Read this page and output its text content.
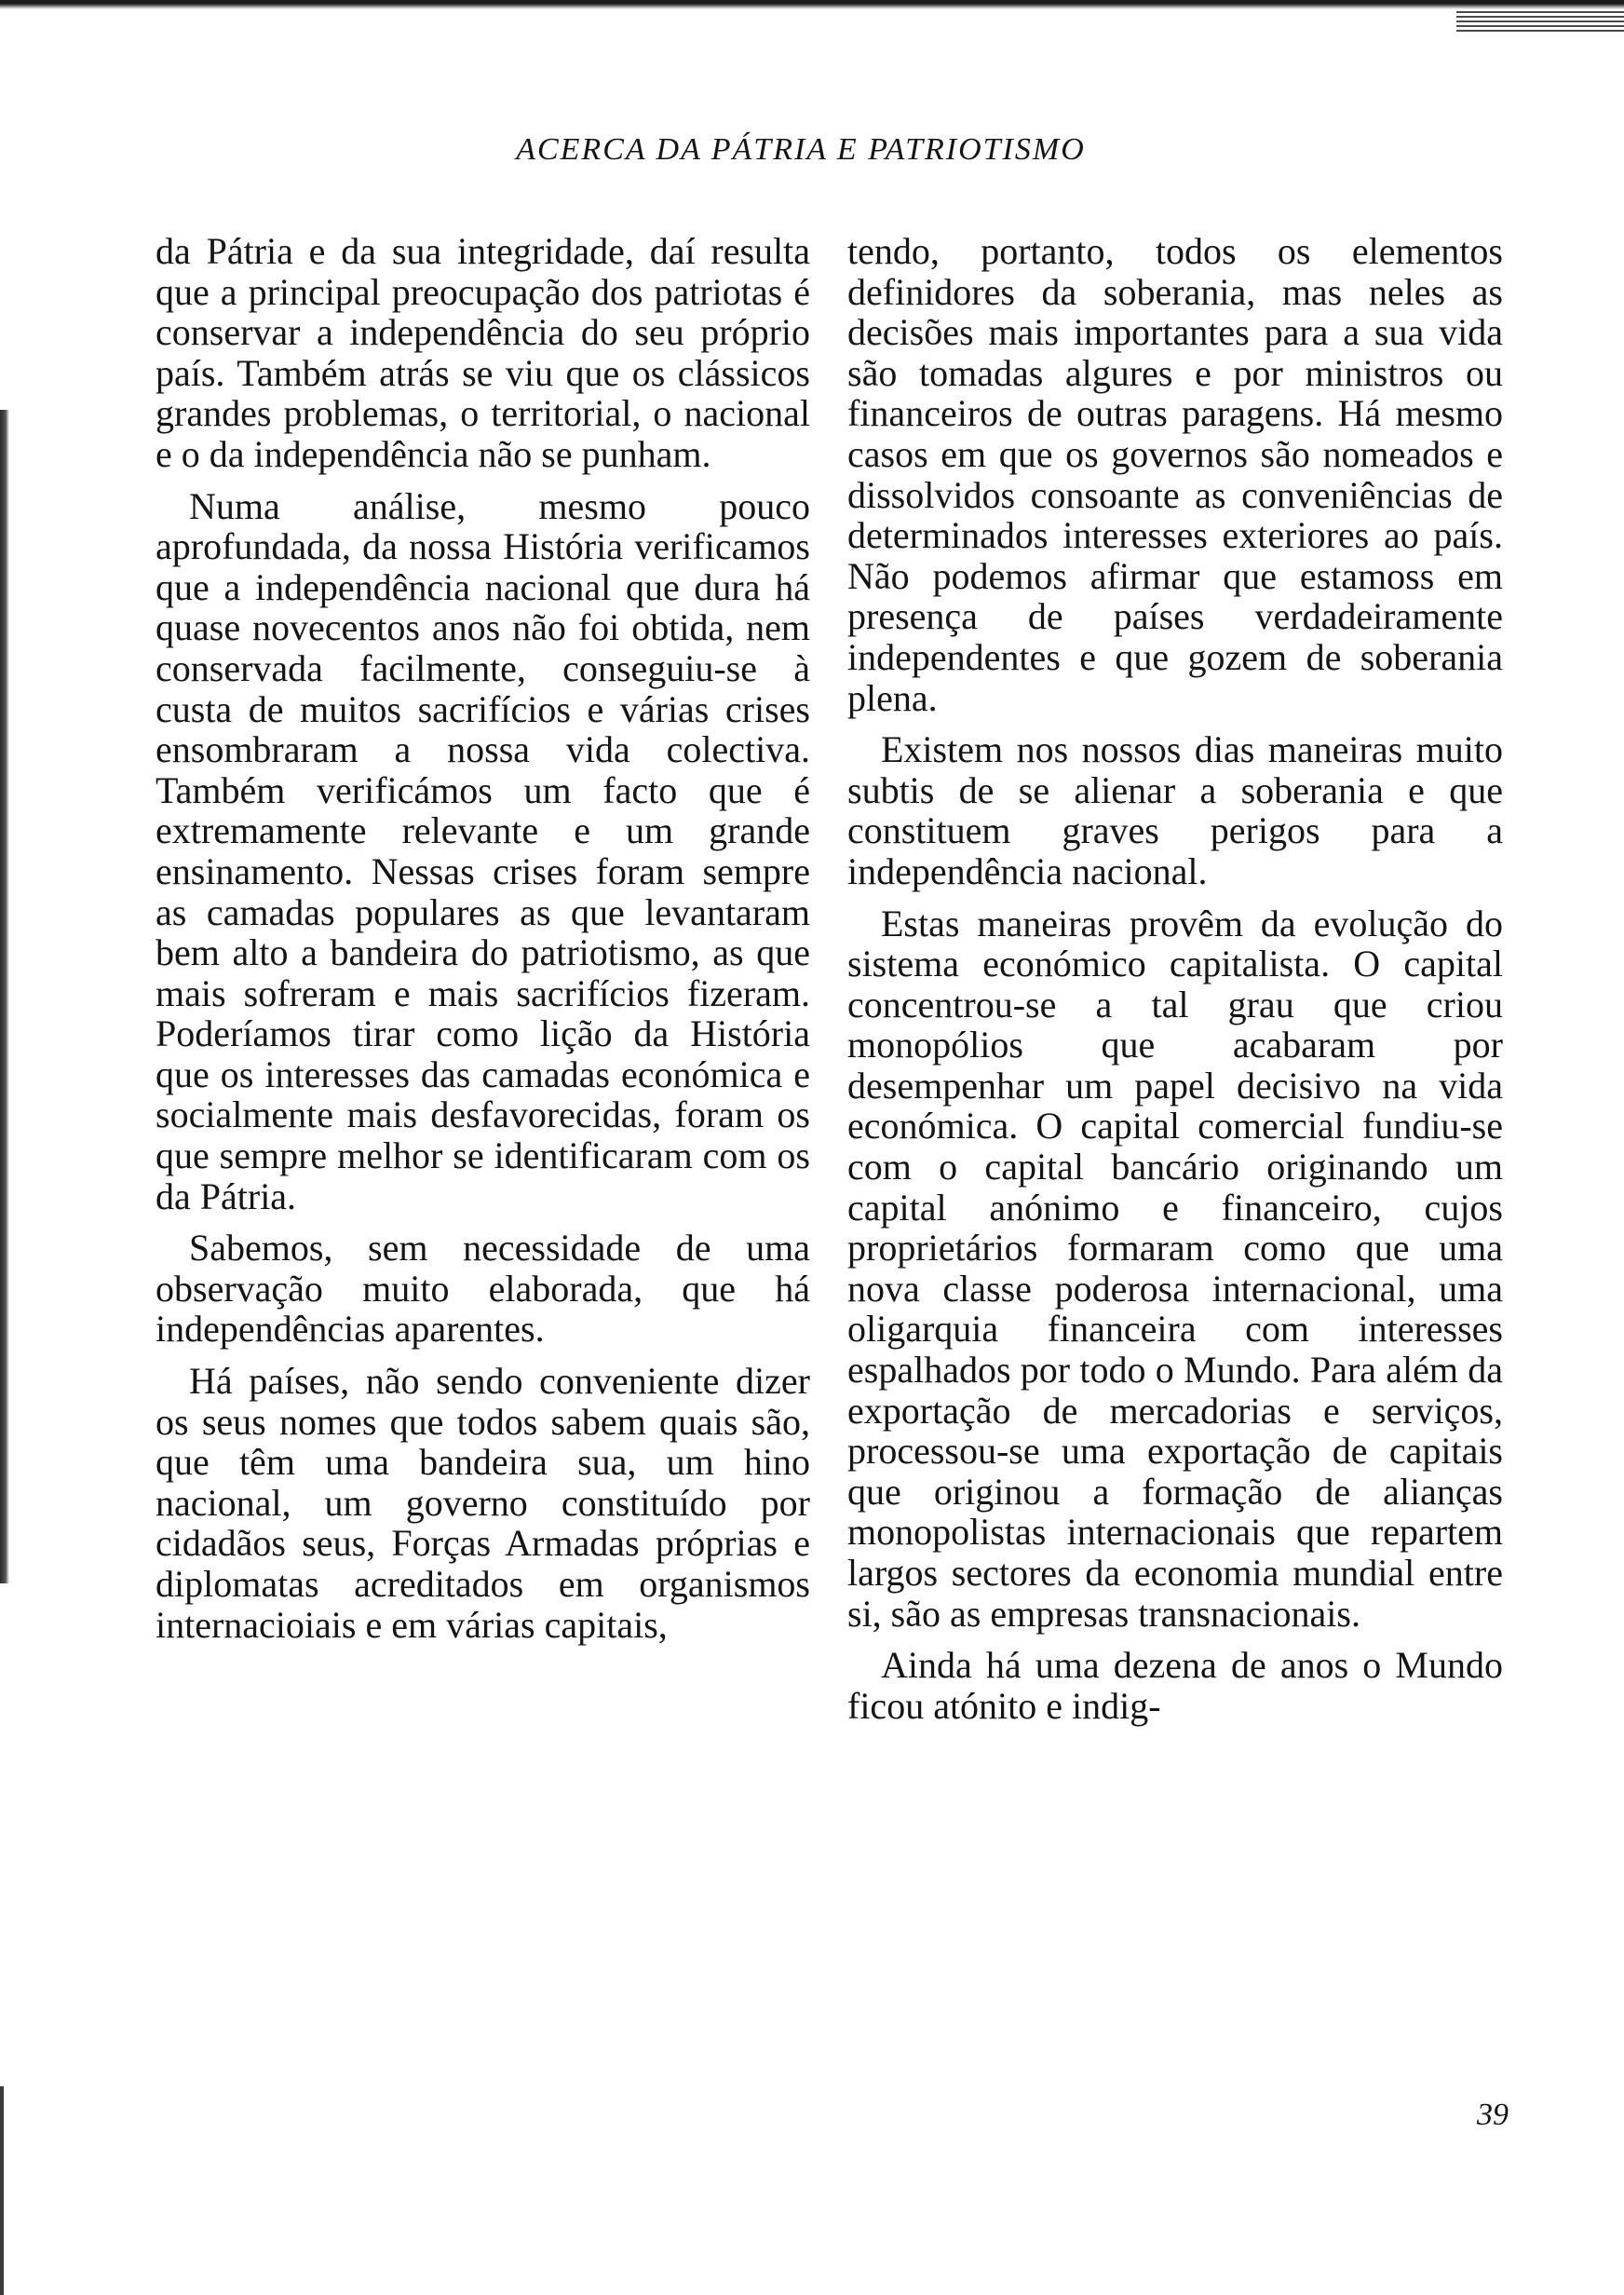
ACERCA DA PÁTRIA E PATRIOTISMO

da Pátria e da sua integridade, daí resulta que a principal preocupação dos patriotas é conservar a independência do seu próprio país. Também atrás se viu que os clássicos grandes problemas, o territorial, o nacional e o da independência não se punham.

Numa análise, mesmo pouco aprofundada, da nossa História verificamos que a independência nacional que dura há quase novecentos anos não foi obtida, nem conservada facilmente, conseguiu-se à custa de muitos sacrifícios e várias crises ensombraram a nossa vida colectiva. Também verificámos um facto que é extremamente relevante e um grande ensinamento. Nessas crises foram sempre as camadas populares as que levantaram bem alto a bandeira do patriotismo, as que mais sofreram e mais sacrifícios fizeram. Poderíamos tirar como lição da História que os interesses das camadas económica e socialmente mais desfavorecidas, foram os que sempre melhor se identificaram com os da Pátria.

Sabemos, sem necessidade de uma observação muito elaborada, que há independências aparentes.

Há países, não sendo conveniente dizer os seus nomes que todos sabem quais são, que têm uma bandeira sua, um hino nacional, um governo constituído por cidadãos seus, Forças Armadas próprias e diplomatas acreditados em organismos internacioiais e em várias capitais,

tendo, portanto, todos os elementos definidores da soberania, mas neles as decisões mais importantes para a sua vida são tomadas algures e por ministros ou financeiros de outras paragens. Há mesmo casos em que os governos são nomeados e dissolvidos consoante as conveniências de determinados interesses exteriores ao país. Não podemos afirmar que estamoss em presença de países verdadeiramente independentes e que gozem de soberania plena.

Existem nos nossos dias maneiras muito subtis de se alienar a soberania e que constituem graves perigos para a independência nacional.

Estas maneiras provêm da evolução do sistema económico capitalista. O capital concentrou-se a tal grau que criou monopólios que acabaram por desempenhar um papel decisivo na vida económica. O capital comercial fundiu-se com o capital bancário originando um capital anónimo e financeiro, cujos proprietários formaram como que uma nova classe poderosa internacional, uma oligarquia financeira com interesses espalhados por todo o Mundo. Para além da exportação de mercadorias e serviços, processou-se uma exportação de capitais que originou a formação de alianças monopolistas internacionais que repartem largos sectores da economia mundial entre si, são as empresas transnacionais.

Ainda há uma dezena de anos o Mundo ficou atónito e indig-

39
